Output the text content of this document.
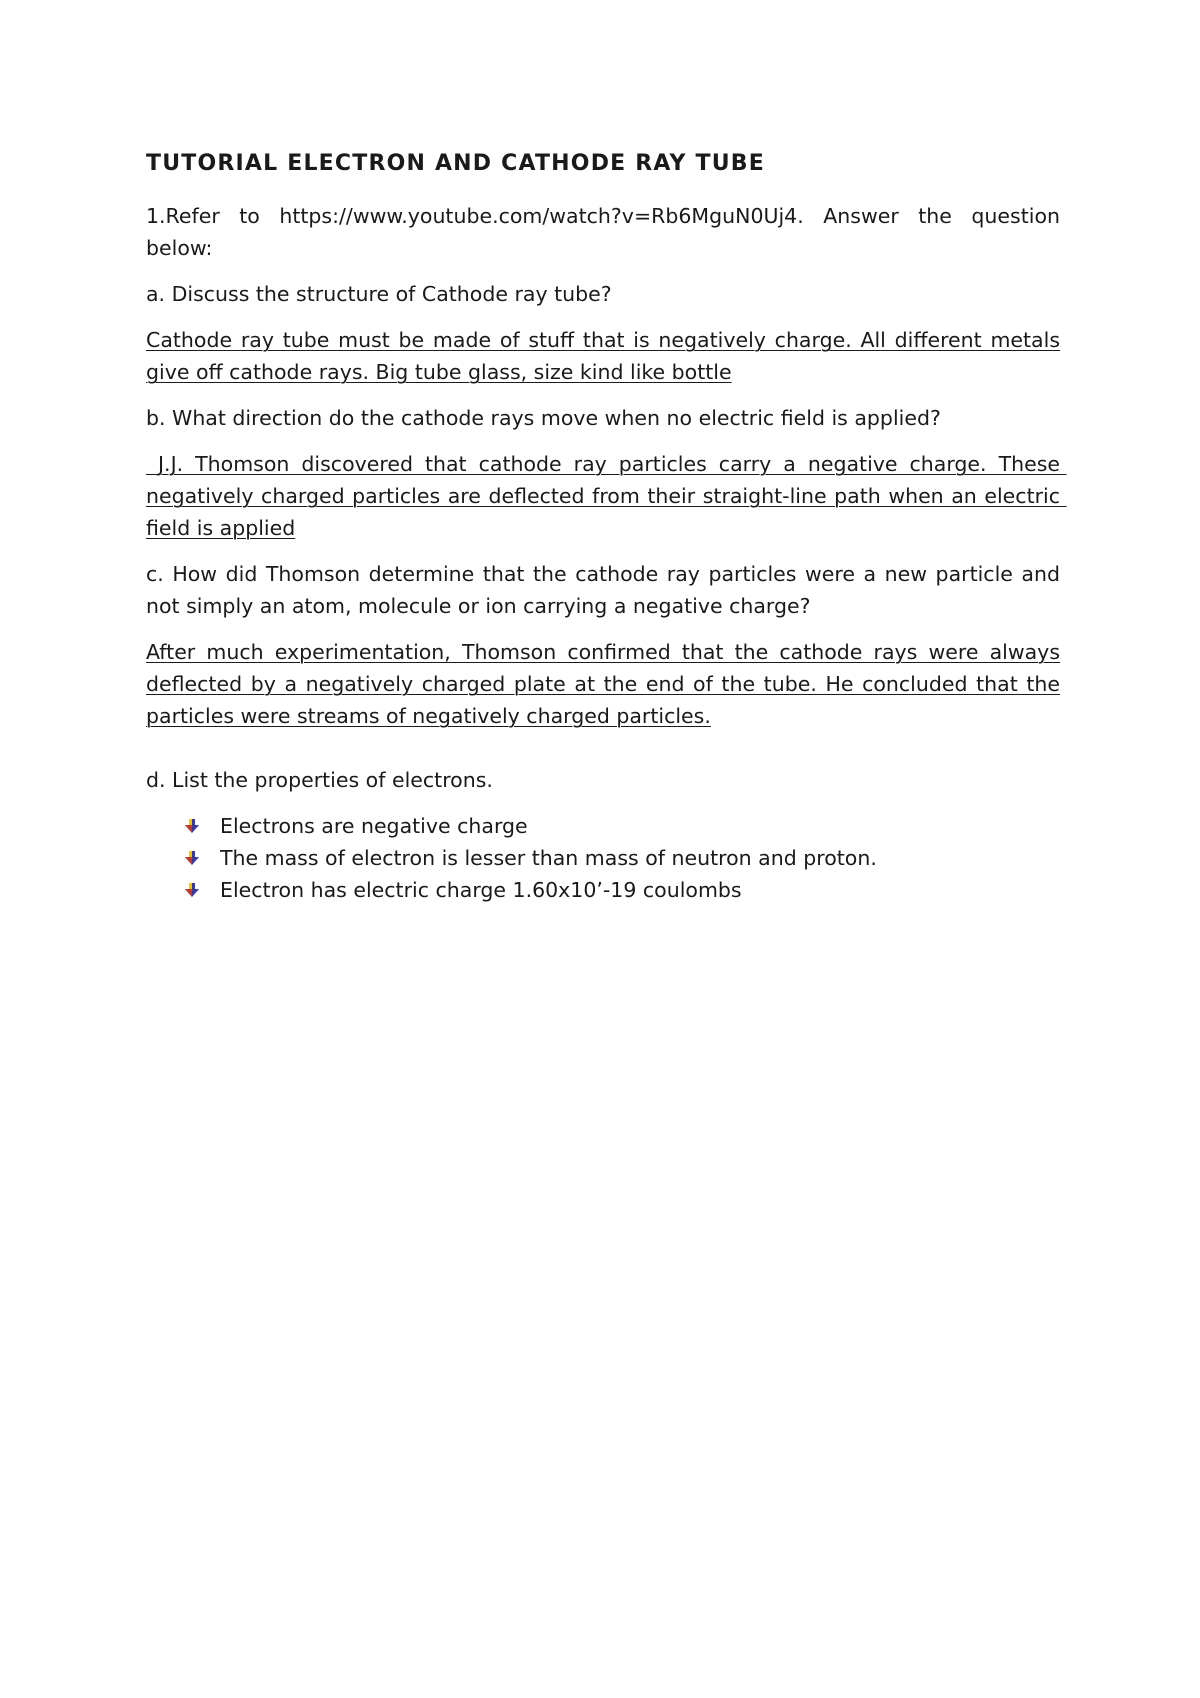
TUTORIAL ELECTRON AND CATHODE RAY TUBE

1.Refer to https://www.youtube.com/watch?v=Rb6MguN0Uj4. Answer the question below:

a. Discuss the structure of Cathode ray tube?

Cathode ray tube must be made of stuff that is negatively charge. All different metals give off cathode rays. Big tube glass, size kind like bottle

b. What direction do the cathode rays move when no electric field is applied?

J.J. Thomson discovered that cathode ray particles carry a negative charge. These negatively charged particles are deflected from their straight-line path when an electric field is applied

c. How did Thomson determine that the cathode ray particles were a new particle and not simply an atom, molecule or ion carrying a negative charge?

After much experimentation, Thomson confirmed that the cathode rays were always deflected by a negatively charged plate at the end of the tube. He concluded that the particles were streams of negatively charged particles.

d. List the properties of electrons.

Electrons are negative charge
The mass of electron is lesser than mass of neutron and proton.
Electron has electric charge 1.60x10’-19 coulombs
